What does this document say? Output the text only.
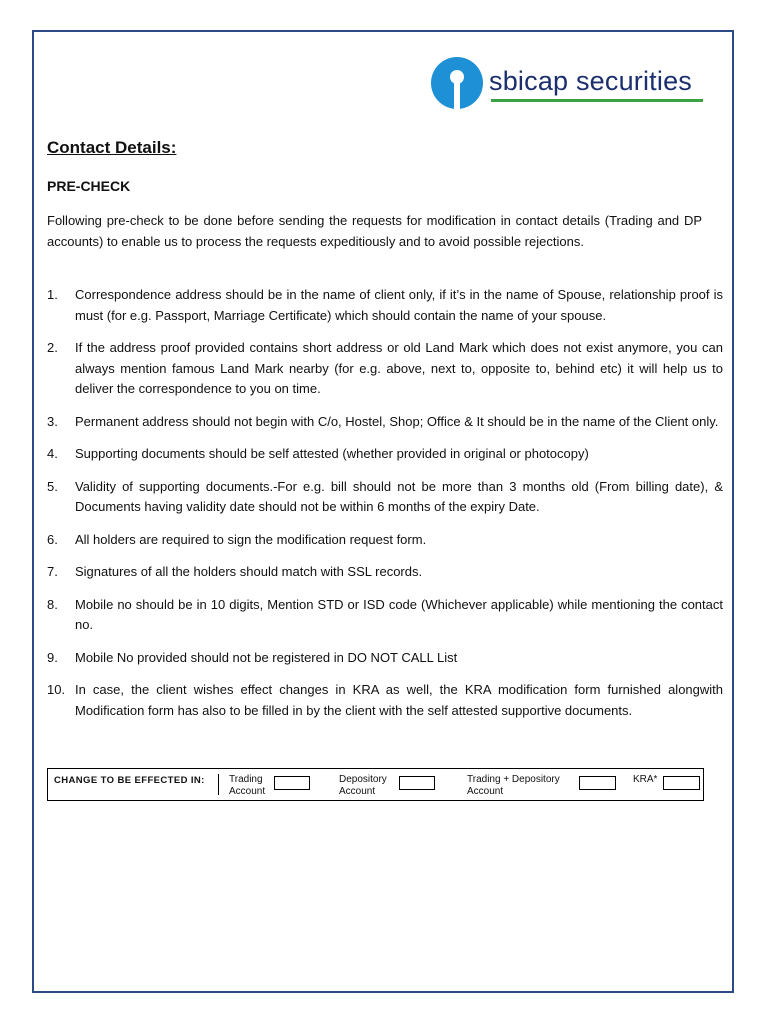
sbicap securities
Contact Details:
PRE-CHECK
Following pre-check to be done before sending the requests for modification in contact details (Trading and DP accounts) to enable us to process the requests expeditiously and to avoid possible rejections.
1.	Correspondence address should be in the name of client only, if it’s in the name of Spouse, relationship proof is must (for e.g. Passport, Marriage Certificate) which should contain the name of your spouse.
2.	If the address proof provided contains short address or old Land Mark which does not exist anymore, you can always mention famous Land Mark nearby (for e.g. above, next to, opposite to, behind etc) it will help us to deliver the correspondence to you on time.
3.	Permanent address should not begin with C/o, Hostel, Shop; Office & It should be in the name of the Client only.
4.	Supporting documents should be self attested (whether provided in original or photocopy)
5.	Validity of supporting documents.-For e.g. bill should not be more than 3 months old (From billing date), & Documents having validity date should not be within 6 months of the expiry Date.
6.	All holders are required to sign the modification request form.
7.	Signatures of all the holders should match with SSL records.
8.	Mobile no should be in 10 digits, Mention STD or ISD code (Whichever applicable) while mentioning the contact no.
9.	Mobile No provided should not be registered in DO NOT CALL List
10. In case, the client wishes effect changes in KRA as well, the KRA modification form furnished alongwith Modification form has also to be filled in by the client with the self attested supportive documents.
CHANGE TO BE EFFECTED IN: Trading
Account
Depository
Account
Trading + Depository
Account
KRA*
